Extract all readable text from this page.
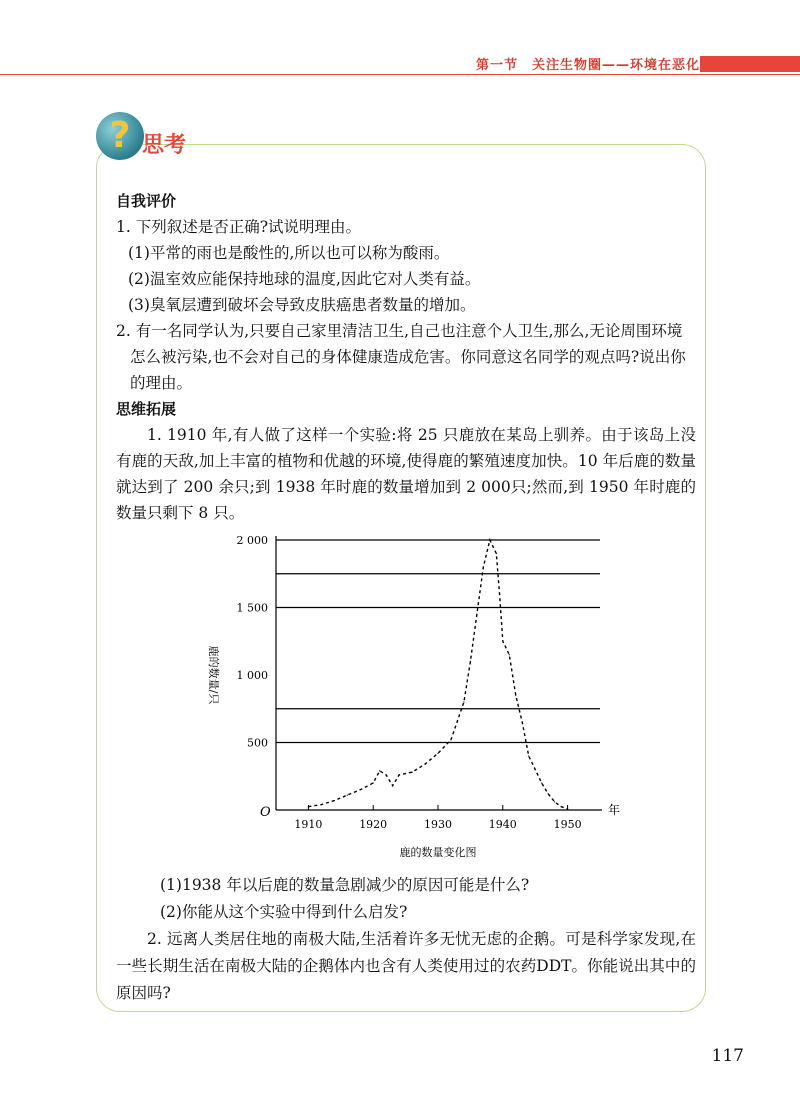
第一节　关注生物圈——环境在恶化
? 思考
自我评价

1. 下列叙述是否正确?试说明理由。

(1)平常的雨也是酸性的,所以也可以称为酸雨。

(2)温室效应能保持地球的温度,因此它对人类有益。

(3)臭氧层遭到破坏会导致皮肤癌患者数量的增加。

2. 有一名同学认为,只要自己家里清洁卫生,自己也注意个人卫生,那么,无论周围环境怎么被污染,也不会对自己的身体健康造成危害。你同意这名同学的观点吗?说出你的理由。

思维拓展

1. 1910 年,有人做了这样一个实验:将 25 只鹿放在某岛上驯养。由于该岛上没有鹿的天敌,加上丰富的植物和优越的环境,使得鹿的繁殖速度加快。10 年后鹿的数量就达到了 200 余只;到 1938 年时鹿的数量增加到 2 000只;然而,到 1950 年时鹿的数量只剩下 8 只。

500
1 000
1 500
2 000
1910	1920	1930	1940	1950
O	年
鹿的数量/只
鹿的数量变化图

(1)1938 年以后鹿的数量急剧减少的原因可能是什么?

(2)你能从这个实验中得到什么启发?

2. 远离人类居住地的南极大陆,生活着许多无忧无虑的企鹅。可是科学家发现,在一些长期生活在南极大陆的企鹅体内也含有人类使用过的农药DDT。你能说出其中的原因吗?

117
